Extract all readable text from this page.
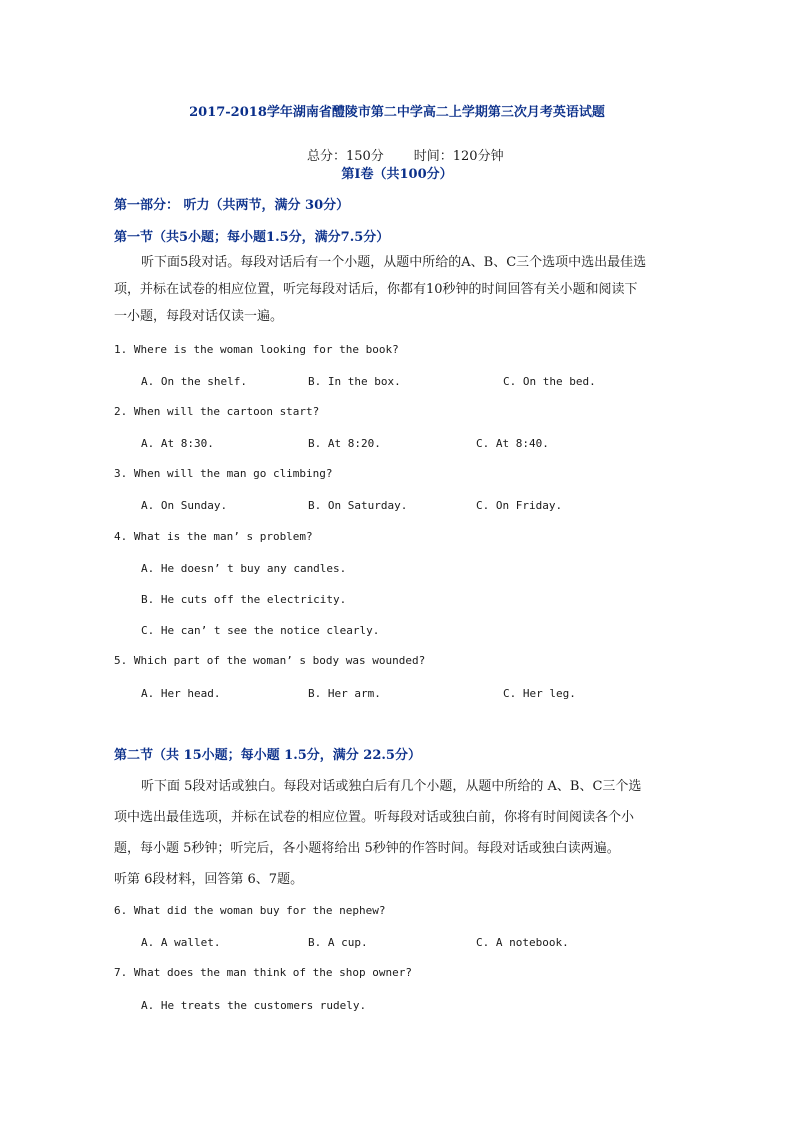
2017-2018学年湖南省醴陵市第二中学高二上学期第三次月考英语试题

总分：150分 时间：120分钟

第Ⅰ卷（共100分）
第一部分： 听力（共两节，满分 30分）
第一节（共5小题；每小题1.5分，满分7.5分）
听下面5段对话。每段对话后有一个小题，从题中所给的A、B、C三个选项中选出最佳选
项，并标在试卷的相应位置，听完每段对话后，你都有10秒钟的时间回答有关小题和阅读下
一小题，每段对话仅读一遍。
1. Where is the woman looking for the book?
A. On the shelf.	B. In the box.	C. On the bed.
2. When will the cartoon start?
A. At 8:30.	B. At 8:20.	C. At 8:40.
3. When will the man go climbing?
A. On Sunday.	B. On Saturday.	C. On Friday.
4. What is the man’ s problem?
A. He doesn’ t buy any candles.
B. He cuts off the electricity.
C. He can’ t see the notice clearly.
5. Which part of the woman’ s body was wounded?
A. Her head.	B. Her arm.	C. Her leg.
第二节（共 15小题；每小题 1.5分，满分 22.5分）
听下面 5段对话或独白。每段对话或独白后有几个小题，从题中所给的 A、B、C三个选
项中选出最佳选项，并标在试卷的相应位置。听每段对话或独白前，你将有时间阅读各个小
题，每小题 5秒钟；听完后，各小题将给出 5秒钟的作答时间。每段对话或独白读两遍。
听第 6段材料，回答第 6、7题。
6. What did the woman buy for the nephew?
A. A wallet.	B. A cup.	C. A notebook.
7. What does the man think of the shop owner?
A. He treats the customers rudely.
